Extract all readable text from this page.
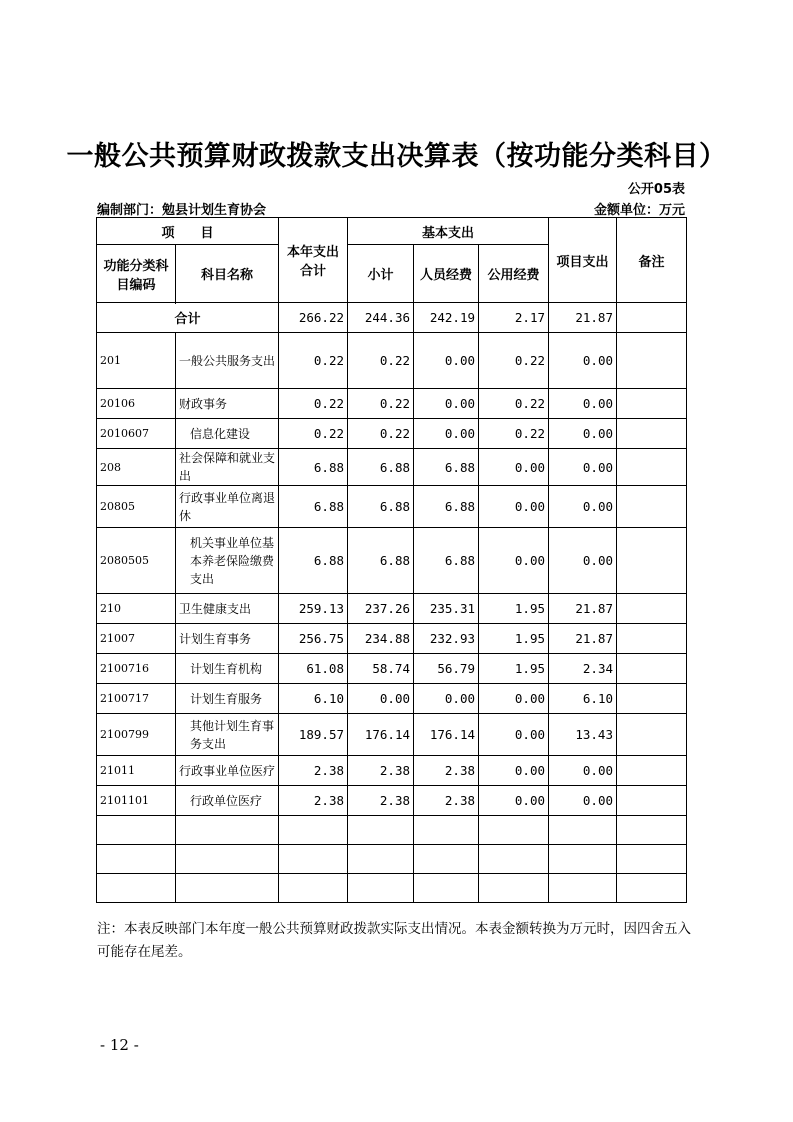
一般公共预算财政拨款支出决算表（按功能分类科目）
公开05表
编制部门：勉县计划生育协会	金额单位：万元
项　　目		本年支出合计	基本支出			项目支出	备注
功能分类科目编码	科目名称		小计	人员经费	公用经费		

合计		266.22	244.36	242.19	2.17	21.87	
201	一般公共服务支出	0.22	0.22	0.00	0.22	0.00	
20106	财政事务	0.22	0.22	0.00	0.22	0.00	
2010607	信息化建设	0.22	0.22	0.00	0.22	0.00	
208	社会保障和就业支出	6.88	6.88	6.88	0.00	0.00	
20805	行政事业单位离退休	6.88	6.88	6.88	0.00	0.00	
2080505	机关事业单位基本养老保险缴费支出	6.88	6.88	6.88	0.00	0.00	
210	卫生健康支出	259.13	237.26	235.31	1.95	21.87	
21007	计划生育事务	256.75	234.88	232.93	1.95	21.87	
2100716	计划生育机构	61.08	58.74	56.79	1.95	2.34	
2100717	计划生育服务	6.10	0.00	0.00	0.00	6.10	
2100799	其他计划生育事务支出	189.57	176.14	176.14	0.00	13.43	
21011	行政事业单位医疗	2.38	2.38	2.38	0.00	0.00	
2101101	行政单位医疗	2.38	2.38	2.38	0.00	0.00	

注：本表反映部门本年度一般公共预算财政拨款实际支出情况。本表金额转换为万元时，因四舍五入可能存在尾差。
- 12 -
